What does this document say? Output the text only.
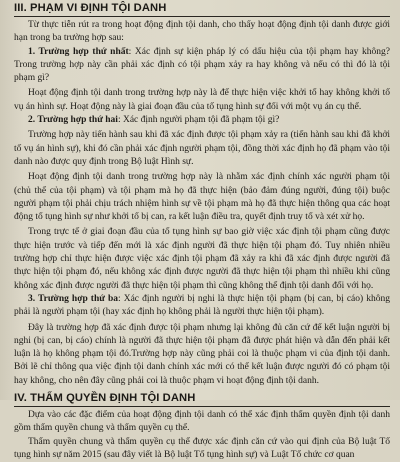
III. PHẠM VI ĐỊNH TỘI DANH

Từ thực tiễn rút ra trong hoạt động định tội danh, cho thấy hoạt động định tội danh được giới hạn trong ba trường hợp sau:

1. Trường hợp thứ nhất: Xác định sự kiện pháp lý có dấu hiệu của tội phạm hay không? Trong trường hợp này cần phải xác định có tội phạm xảy ra hay không và nếu có thì đó là tội phạm gì?

Hoạt động định tội danh trong trường hợp này là để thực hiện việc khởi tố hay không khởi tố vụ án hình sự. Hoạt động này là giai đoạn đầu của tố tụng hình sự đối với một vụ án cụ thể.

2. Trường hợp thứ hai: Xác định người phạm tội đã phạm tội gì?

Trường hợp này tiến hành sau khi đã xác định được tội phạm xảy ra (tiến hành sau khi đã khởi tố vụ án hình sự), khi đó cần phải xác định người phạm tội, đồng thời xác định họ đã phạm vào tội danh nào được quy định trong Bộ luật Hình sự.

Hoạt động định tội danh trong trường hợp này là nhằm xác định chính xác người phạm tội (chủ thể của tội phạm) và tội phạm mà họ đã thực hiện (bảo đảm đúng người, đúng tội) buộc người phạm tội phải chịu trách nhiệm hình sự về tội phạm mà họ đã thực hiện thông qua các hoạt động tố tụng hình sự như khởi tố bị can, ra kết luận điều tra, quyết định truy tố và xét xử họ.

Trong trực tế ở giai đoạn đầu của tố tụng hình sự bao giờ việc xác định tội phạm cũng được thực hiện trước và tiếp đến mới là xác định người đã thực hiện tội phạm đó. Tuy nhiên nhiều trường hợp chỉ thực hiện được việc xác định tội phạm đã xảy ra khi đã xác định được người đã thực hiện tội phạm đó, nếu không xác định được người đã thực hiện tội phạm thì nhiều khi cũng không xác định được người đã thực hiện tội phạm thì cũng không thể định tội danh đối với họ.

3. Trường hợp thứ ba: Xác định người bị nghi là thực hiện tội phạm (bị can, bị cáo) không phải là người phạm tội (hay xác định họ không phải là người thực hiện tội phạm).

Đây là trường hợp đã xác định được tội phạm nhưng lại không đủ căn cứ để kết luận người bị nghi (bị can, bị cáo) chính là người đã thực hiện tội phạm đã được phát hiện và dẫn đến phải kết luận là họ không phạm tội đó.Trường hợp này cũng phải coi là thuộc phạm vi của định tội danh. Bởi lẽ chỉ thông qua việc định tội danh chính xác mới có thể kết luận được người đó có phạm tội hay không, cho nên đây cũng phải coi là thuộc phạm vi hoạt động định tội danh.

IV. THẨM QUYỀN ĐỊNH TỘI DANH

Dựa vào các đặc điểm của hoạt động định tội danh có thể xác định thẩm quyền định tội danh gồm thẩm quyền chung và thẩm quyền cụ thể.

Thẩm quyền chung và thẩm quyền cụ thể được xác định căn cứ vào qui định của Bộ luật Tố tụng hình sự năm 2015 (sau đây viết là Bộ luật Tố tụng hình sự) và Luật Tổ chức cơ quan
